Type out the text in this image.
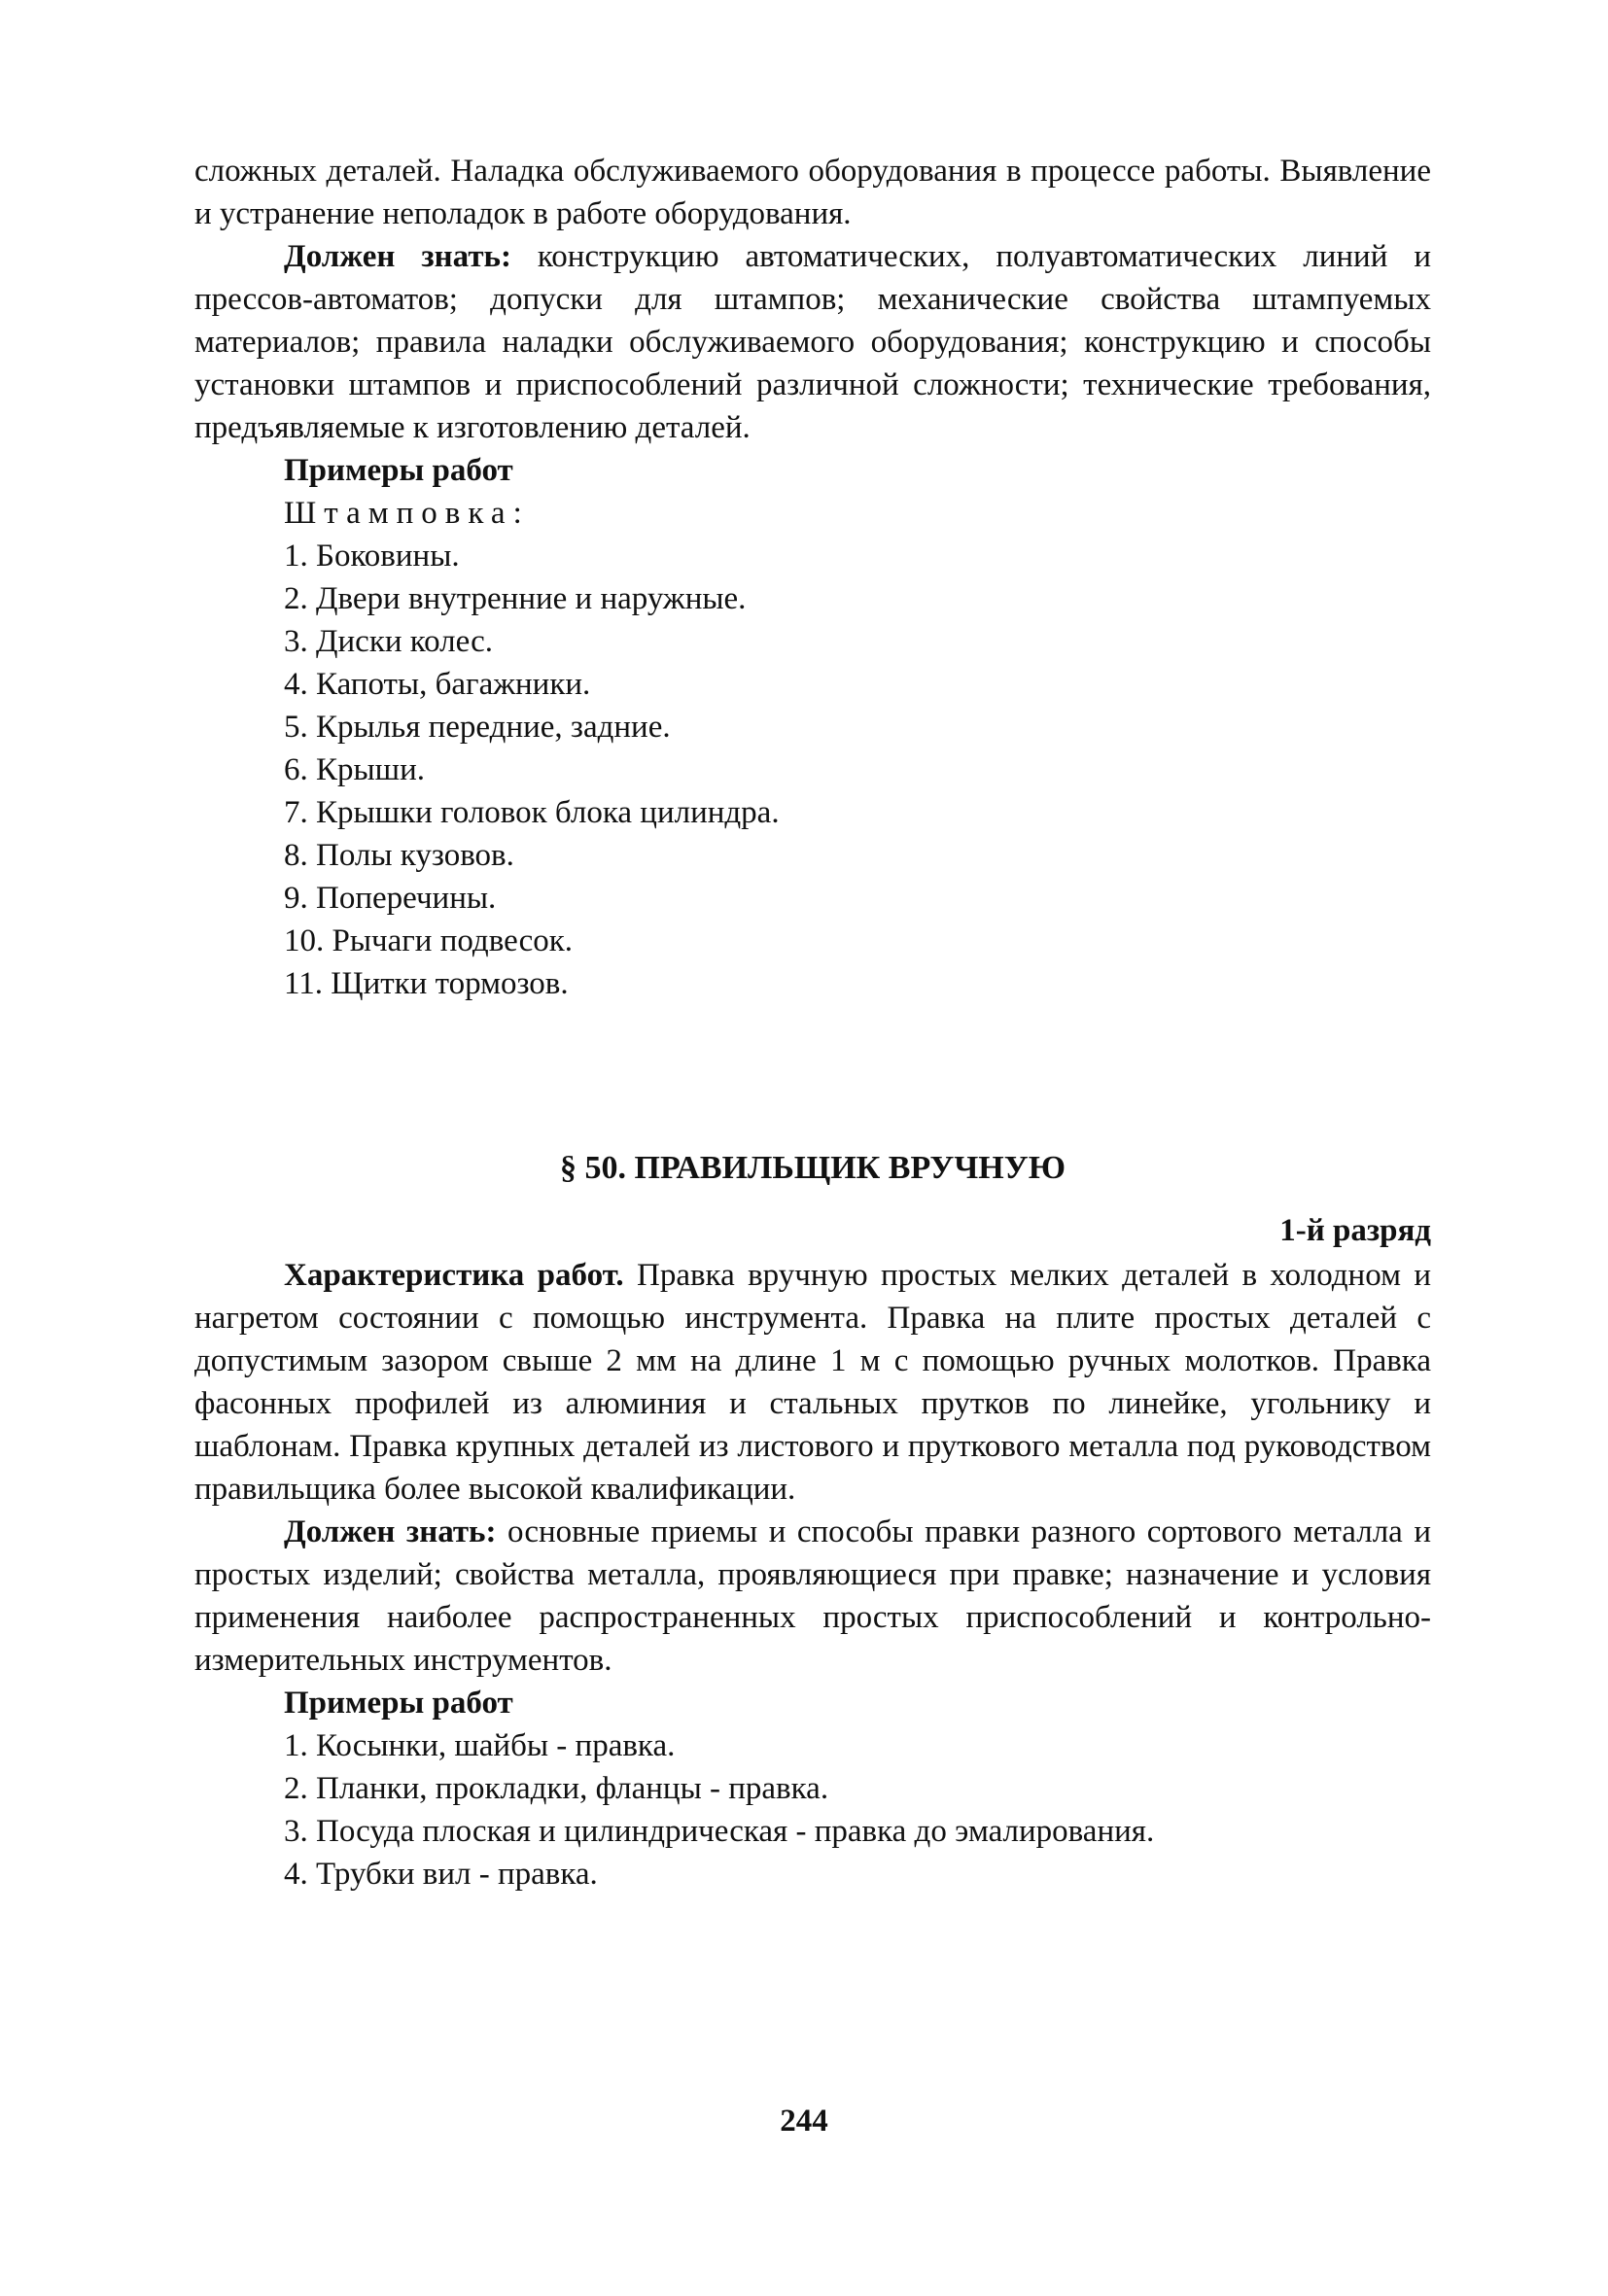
сложных деталей. Наладка обслуживаемого оборудования в процессе работы. Выявление и устранение неполадок в работе оборудования.

Должен знать: конструкцию автоматических, полуавтоматических линий и прессов-автоматов; допуски для штампов; механические свойства штампуемых материалов; правила наладки обслуживаемого оборудования; конструкцию и способы установки штампов и приспособлений различной сложности; технические требования, предъявляемые к изготовлению деталей.

Примеры работ

Штамповка:

1. Боковины.
2. Двери внутренние и наружные.
3. Диски колес.
4. Капоты, багажники.
5. Крылья передние, задние.
6. Крыши.
7. Крышки головок блока цилиндра.
8. Полы кузовов.
9. Поперечины.
10. Рычаги подвесок.
11. Щитки тормозов.

§ 50. ПРАВИЛЬЩИК ВРУЧНУЮ

1-й разряд

Характеристика работ. Правка вручную простых мелких деталей в холодном и нагретом состоянии с помощью инструмента. Правка на плите простых деталей с допустимым зазором свыше 2 мм на длине 1 м с помощью ручных молотков. Правка фасонных профилей из алюминия и стальных прутков по линейке, угольнику и шаблонам. Правка крупных деталей из листового и пруткового металла под руководством правильщика более высокой квалификации.

Должен знать: основные приемы и способы правки разного сортового металла и простых изделий; свойства металла, проявляющиеся при правке; назначение и условия применения наиболее распространенных простых приспособлений и контрольно-измерительных инструментов.

Примеры работ

1. Косынки, шайбы - правка.
2. Планки, прокладки, фланцы - правка.
3. Посуда плоская и цилиндрическая - правка до эмалирования.
4. Трубки вил - правка.
244
